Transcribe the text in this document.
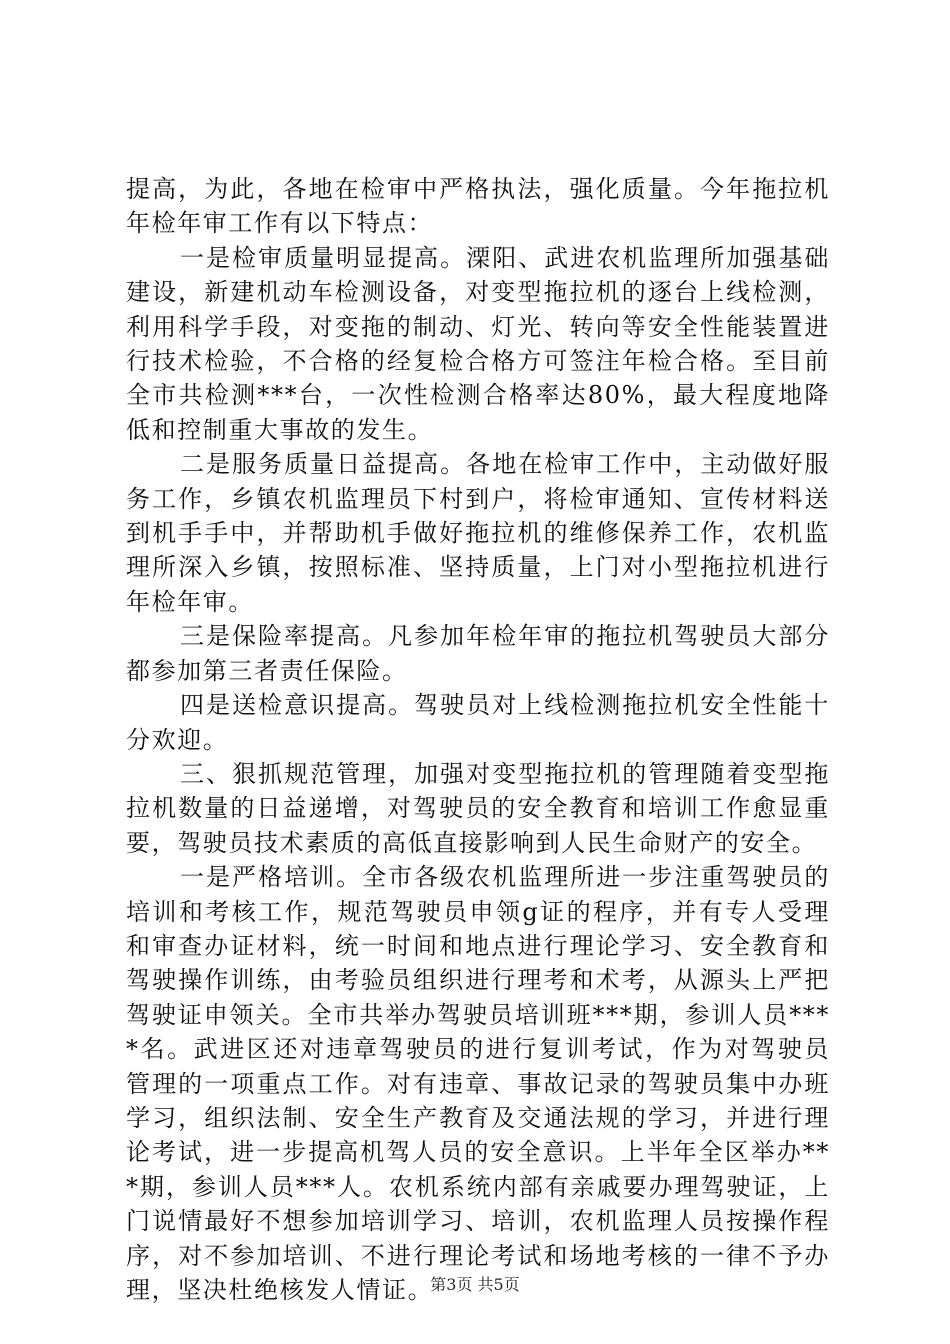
提高，为此，各地在检审中严格执法，强化质量。今年拖拉机年检年审工作有以下特点：

一是检审质量明显提高。溧阳、武进农机监理所加强基础建设，新建机动车检测设备，对变型拖拉机的逐台上线检测，利用科学手段，对变拖的制动、灯光、转向等安全性能装置进行技术检验，不合格的经复检合格方可签注年检合格。至目前全市共检测***台，一次性检测合格率达80%，最大程度地降低和控制重大事故的发生。

二是服务质量日益提高。各地在检审工作中，主动做好服务工作，乡镇农机监理员下村到户，将检审通知、宣传材料送到机手手中，并帮助机手做好拖拉机的维修保养工作，农机监理所深入乡镇，按照标准、坚持质量，上门对小型拖拉机进行年检年审。

三是保险率提高。凡参加年检年审的拖拉机驾驶员大部分都参加第三者责任保险。

四是送检意识提高。驾驶员对上线检测拖拉机安全性能十分欢迎。

三、狠抓规范管理，加强对变型拖拉机的管理随着变型拖拉机数量的日益递增，对驾驶员的安全教育和培训工作愈显重要，驾驶员技术素质的高低直接影响到人民生命财产的安全。

一是严格培训。全市各级农机监理所进一步注重驾驶员的培训和考核工作，规范驾驶员申领g证的程序，并有专人受理和审查办证材料，统一时间和地点进行理论学习、安全教育和驾驶操作训练，由考验员组织进行理考和术考，从源头上严把驾驶证申领关。全市共举办驾驶员培训班***期，参训人员****名。武进区还对违章驾驶员的进行复训考试，作为对驾驶员管理的一项重点工作。对有违章、事故记录的驾驶员集中办班学习，组织法制、安全生产教育及交通法规的学习，并进行理论考试，进一步提高机驾人员的安全意识。上半年全区举办***期，参训人员***人。农机系统内部有亲戚要办理驾驶证，上门说情最好不想参加培训学习、培训，农机监理人员按操作程序，对不参加培训、不进行理论考试和场地考核的一律不予办理，坚决杜绝核发人情证。

第3页 共5页
